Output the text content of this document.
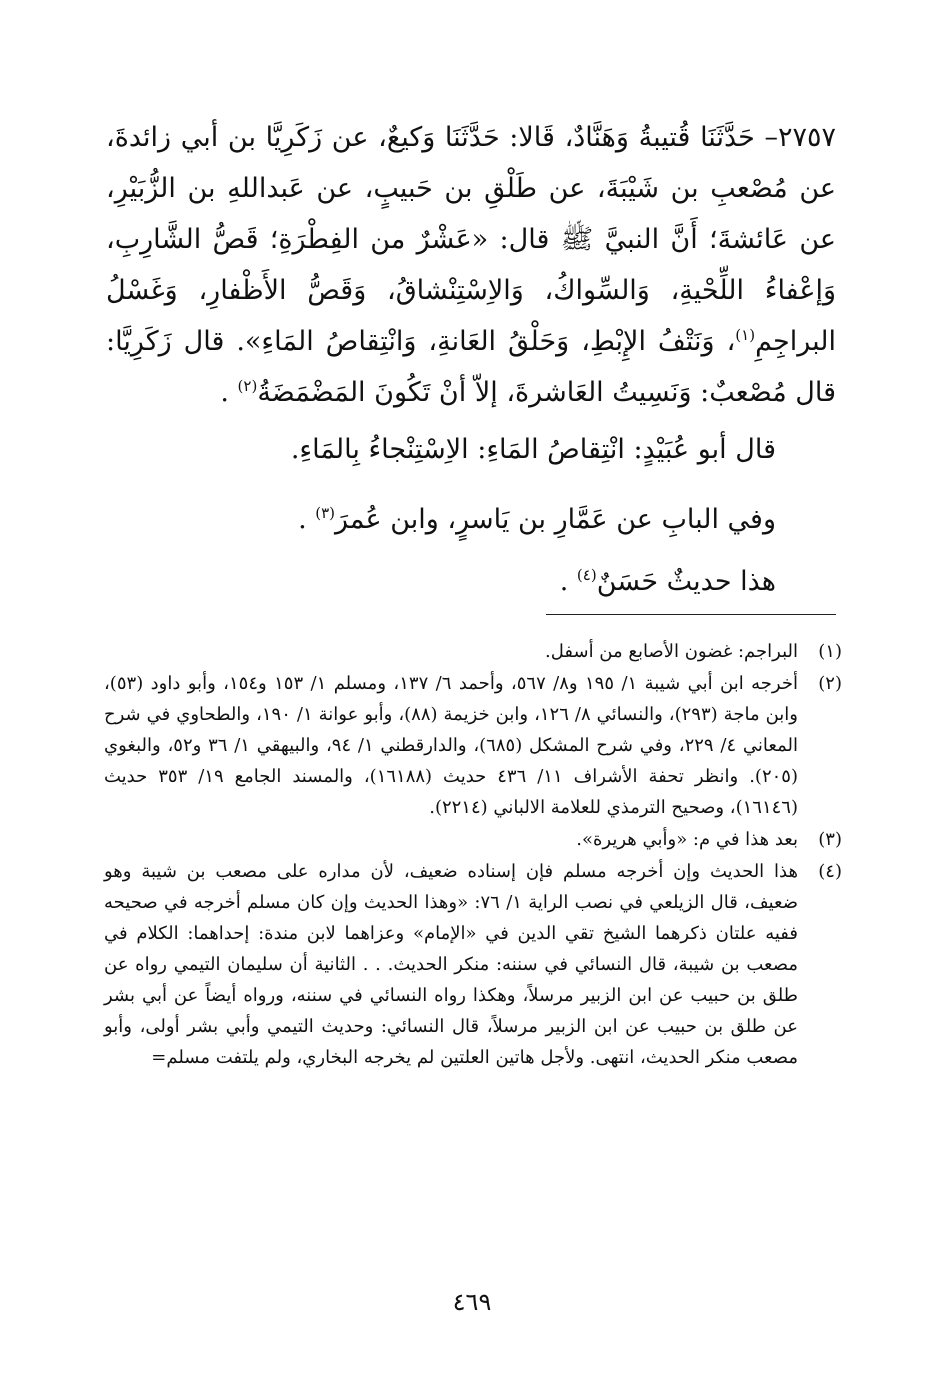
٢٧٥٧– حَدَّثَنَا قُتيبةُ وَهَنَّادٌ، قَالا: حَدَّثَنَا وَكيعٌ، عن زَكَرِيَّا بن أبي زائدةَ، عن مُصْعبِ بن شَيْبَةَ، عن طَلْقِ بن حَبيبٍ، عن عَبداللهِ بن الزُّبَيْرِ، عن عَائشةَ؛ أَنَّ النبيَّ ﷺ قال: «عَشْرٌ من الفِطْرَةِ؛ قَصُّ الشَّارِبِ، وَإعْفاءُ اللِّحْيةِ، وَالسِّواكُ، وَالاِسْتِنْشاقُ، وَقَصُّ الأَظْفارِ، وَغَسْلُ البراجِمِ$^{(١)}$، وَنَتْفُ الإِبْطِ، وَحَلْقُ العَانةِ، وَانْتِقاصُ المَاءِ». قال زَكَرِيَّا: قال مُصْعبٌ: وَنَسِيتُ العَاشرةَ، إلاّ أنْ تَكُونَ المَضْمَضَةُ$^{(٢)}$ .

قال أبو عُبَيْدٍ: انْتِقاصُ المَاءِ: الاِسْتِنْجاءُ بِالمَاءِ.
وفي البابِ عن عَمَّارِ بن يَاسرٍ، وابن عُمرَ$^{(٣)}$ .
هذا حديثٌ حَسَنٌ$^{(٤)}$ .
(١)
البراجم: غضون الأصابع من أسفل.
(٢)
أخرجه ابن أبي شيبة ١/ ١٩٥ و٨/ ٥٦٧، وأحمد ٦/ ١٣٧، ومسلم ١/ ١٥٣ و١٥٤، وأبو داود (٥٣)، وابن ماجة (٢٩٣)، والنسائي ٨/ ١٢٦، وابن خزيمة (٨٨)، وأبو عوانة ١/ ١٩٠، والطحاوي في شرح المعاني ٤/ ٢٢٩، وفي شرح المشكل (٦٨٥)، والدارقطني ١/ ٩٤، والبيهقي ١/ ٣٦ و٥٢، والبغوي (٢٠٥). وانظر تحفة الأشراف ١١/ ٤٣٦ حديث (١٦١٨٨)، والمسند الجامع ١٩/ ٣٥٣ حديث (١٦١٤٦)، وصحيح الترمذي للعلامة الالباني (٢٢١٤).
(٣)
بعد هذا في م: «وأبي هريرة».
(٤)
هذا الحديث وإن أخرجه مسلم فإن إسناده ضعيف، لأن مداره على مصعب بن شيبة وهو ضعيف، قال الزيلعي في نصب الراية ١/ ٧٦: «وهذا الحديث وإن كان مسلم أخرجه في صحيحه ففيه علتان ذكرهما الشيخ تقي الدين في «الإمام» وعزاهما لابن مندة: إحداهما: الكلام في مصعب بن شيبة، قال النسائي في سننه: منكر الحديث. . . الثانية أن سليمان التيمي رواه عن طلق بن حبيب عن ابن الزبير مرسلاً، وهكذا رواه النسائي في سننه، ورواه أيضاً عن أبي بشر عن طلق بن حبيب عن ابن الزبير مرسلاً، قال النسائي: وحديث التيمي وأبي بشر أولى، وأبو مصعب منكر الحديث، انتهى. ولأجل هاتين العلتين لم يخرجه البخاري، ولم يلتفت مسلم=
٤٦٩
